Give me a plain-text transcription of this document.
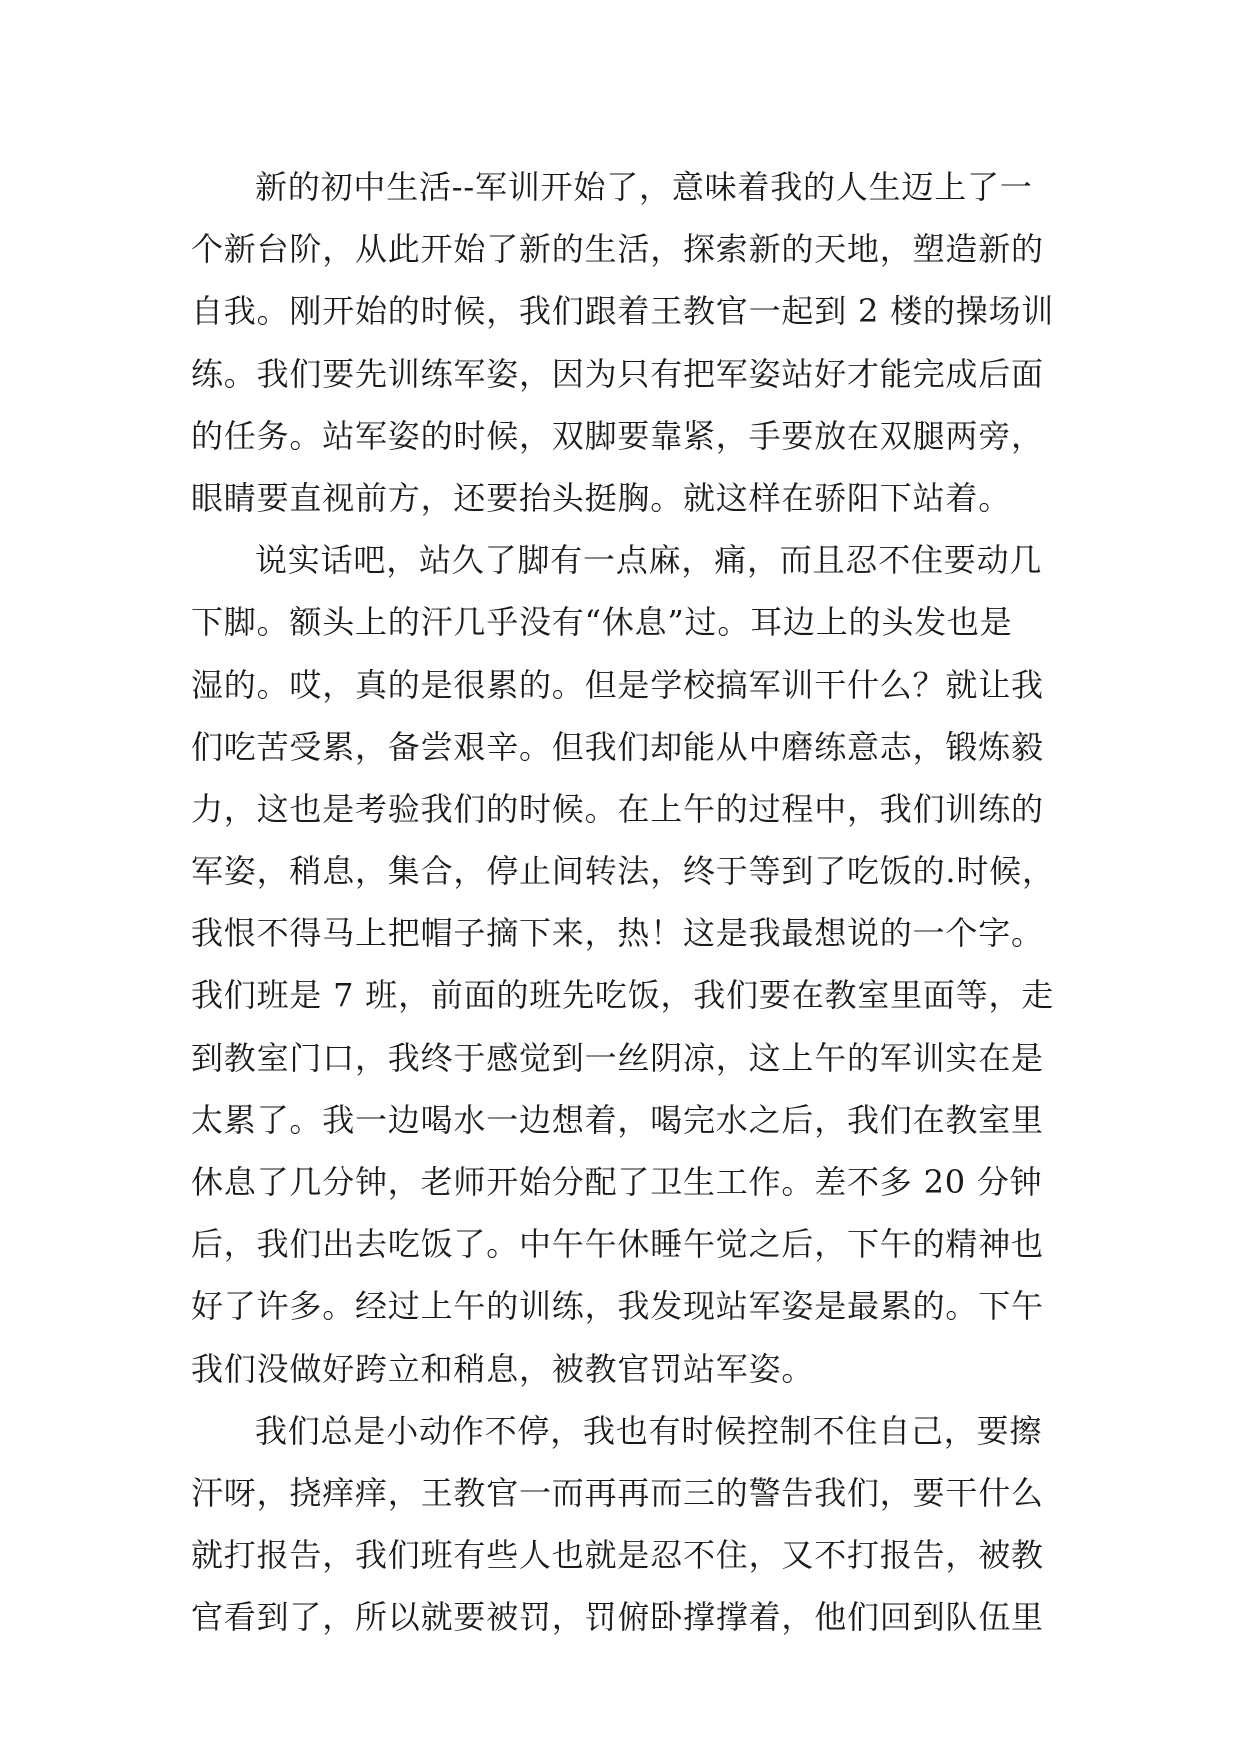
新的初中生活--军训开始了，意味着我的人生迈上了一
个新台阶，从此开始了新的生活，探索新的天地，塑造新的
自我。刚开始的时候，我们跟着王教官一起到 2 楼的操场训
练。我们要先训练军姿，因为只有把军姿站好才能完成后面
的任务。站军姿的时候，双脚要靠紧，手要放在双腿两旁，
眼睛要直视前方，还要抬头挺胸。就这样在骄阳下站着。
说实话吧，站久了脚有一点麻，痛，而且忍不住要动几
下脚。额头上的汗几乎没有“休息”过。耳边上的头发也是
湿的。哎，真的是很累的。但是学校搞军训干什么？就让我
们吃苦受累，备尝艰辛。但我们却能从中磨练意志，锻炼毅
力，这也是考验我们的时候。在上午的过程中，我们训练的
军姿，稍息，集合，停止间转法，终于等到了吃饭的.时候，
我恨不得马上把帽子摘下来，热！这是我最想说的一个字。
我们班是 7 班，前面的班先吃饭，我们要在教室里面等，走
到教室门口，我终于感觉到一丝阴凉，这上午的军训实在是
太累了。我一边喝水一边想着，喝完水之后，我们在教室里
休息了几分钟，老师开始分配了卫生工作。差不多 20 分钟
后，我们出去吃饭了。中午午休睡午觉之后，下午的精神也
好了许多。经过上午的训练，我发现站军姿是最累的。下午
我们没做好跨立和稍息，被教官罚站军姿。
我们总是小动作不停，我也有时候控制不住自己，要擦
汗呀，挠痒痒，王教官一而再再而三的警告我们，要干什么
就打报告，我们班有些人也就是忍不住，又不打报告，被教
官看到了，所以就要被罚，罚俯卧撑撑着，他们回到队伍里
